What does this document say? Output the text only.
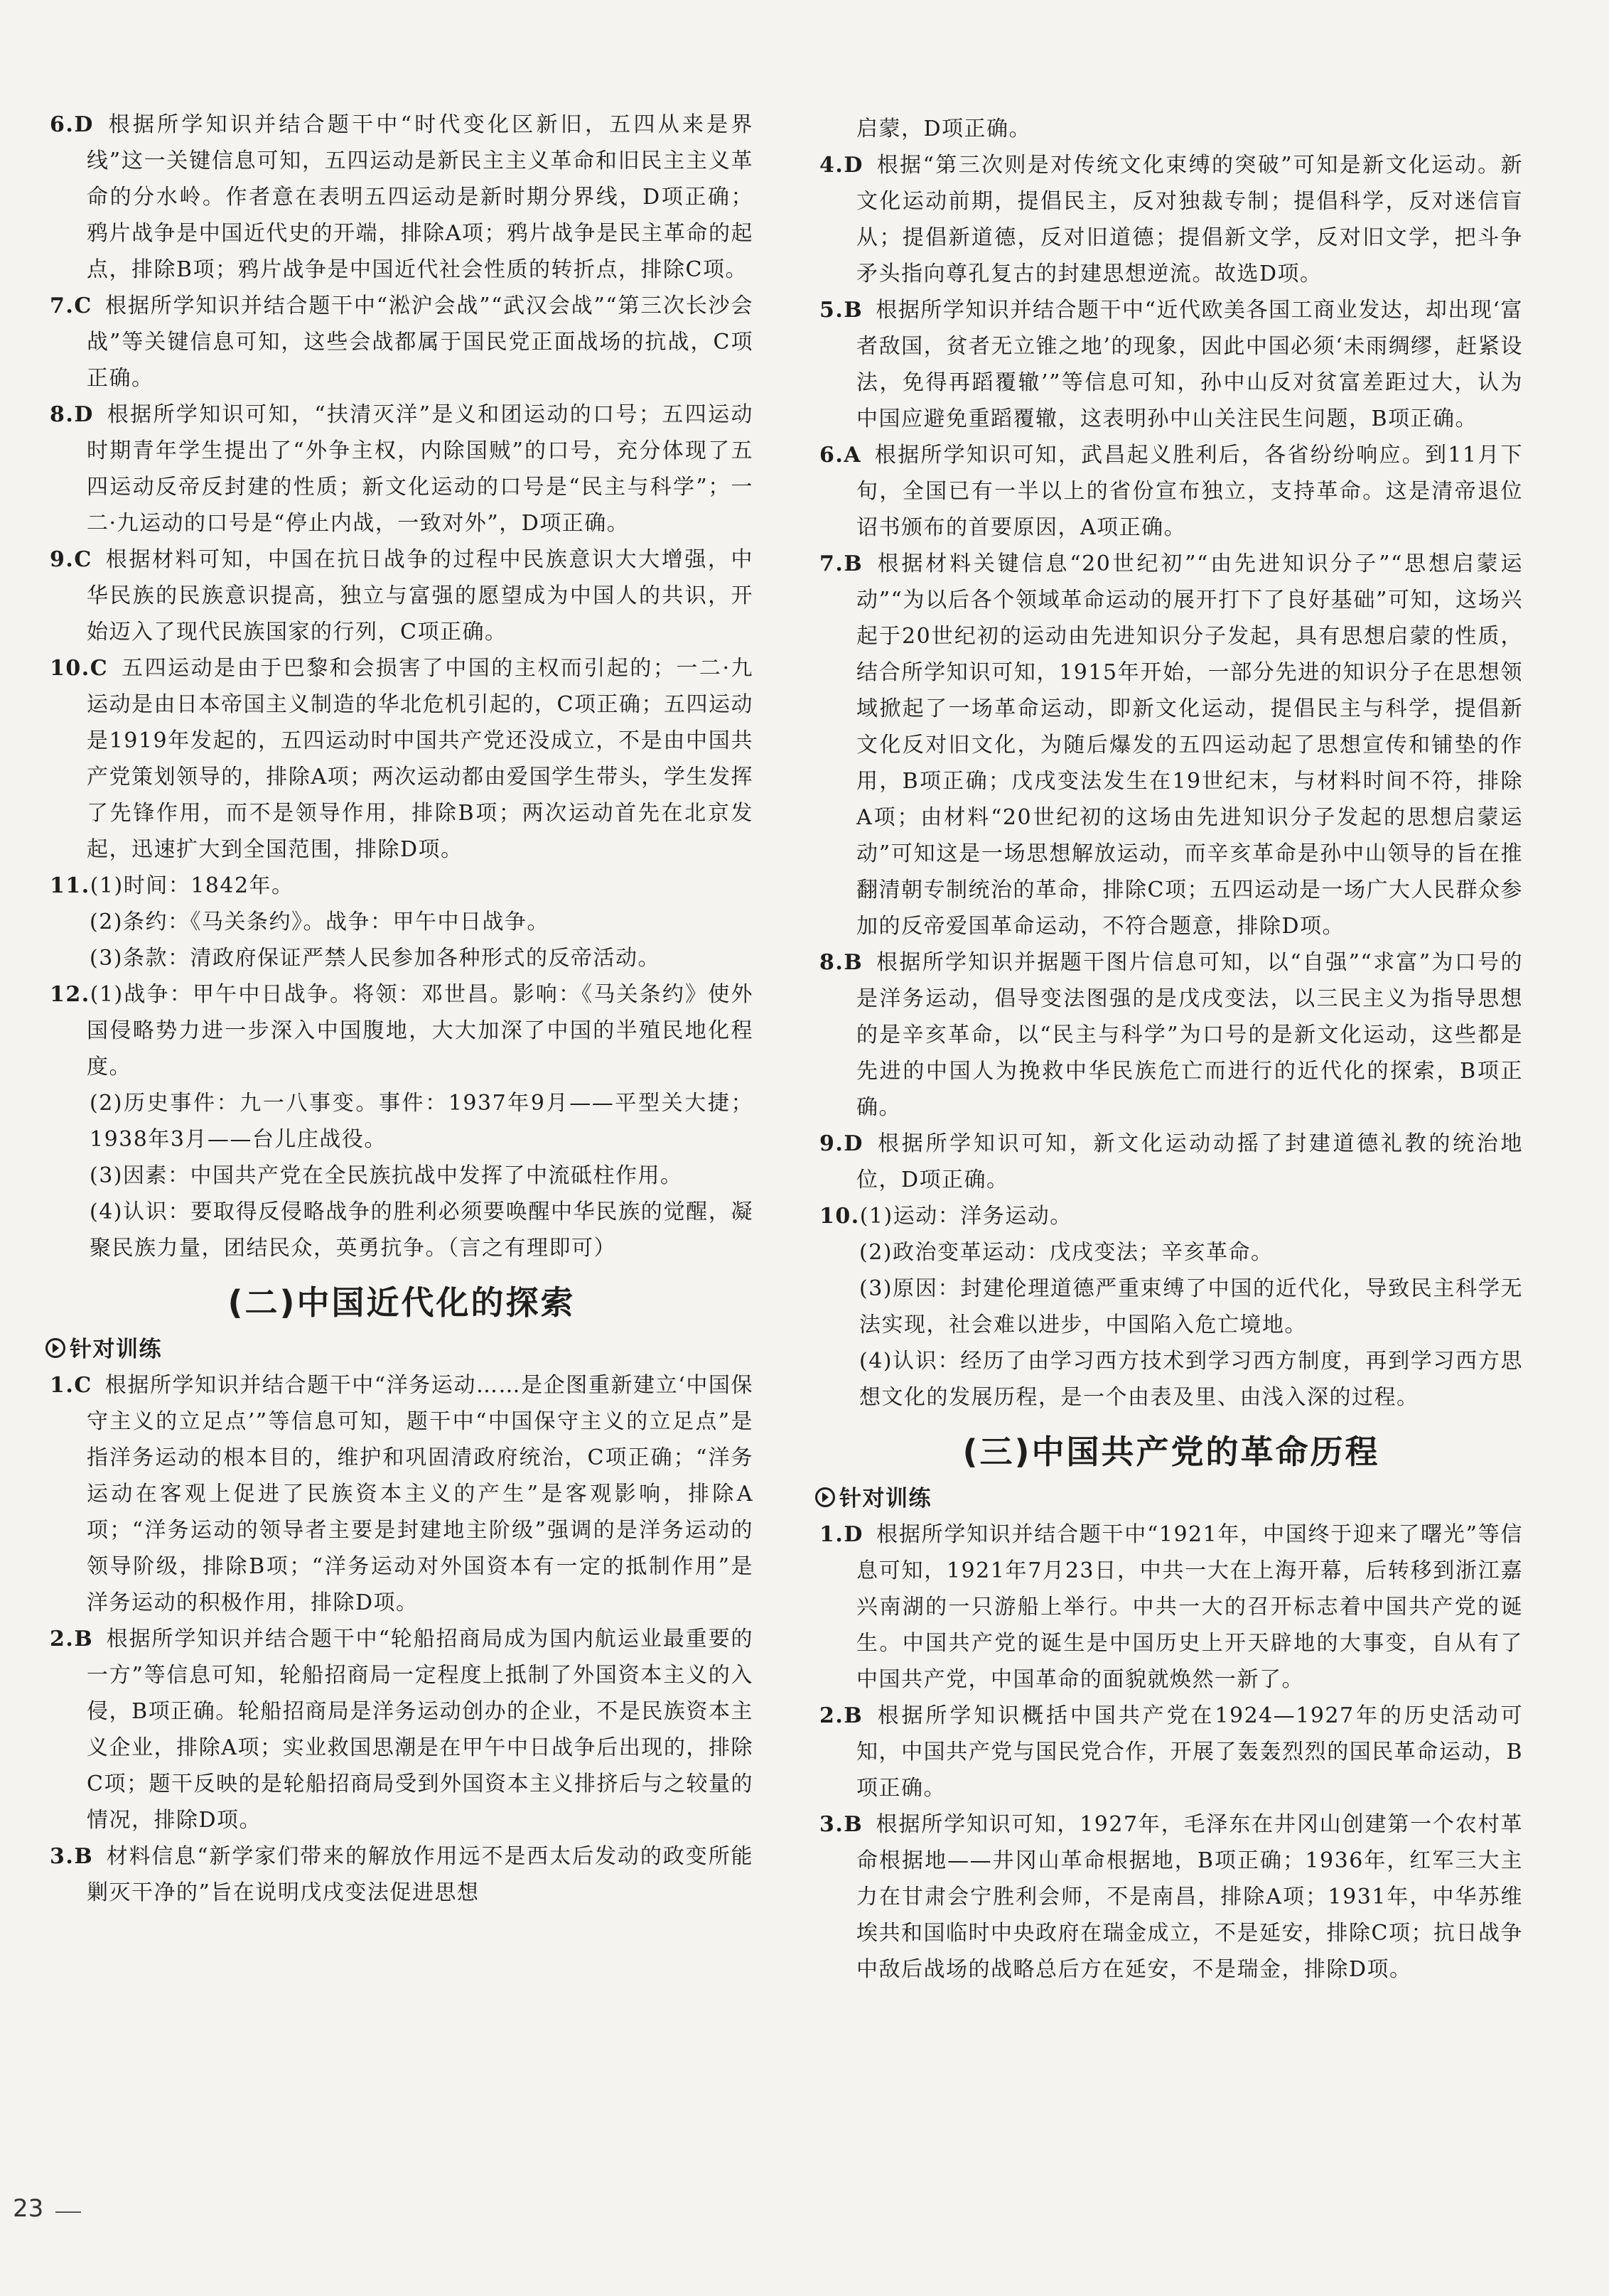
6.D 根据所学知识并结合题干中“时代变化区新旧，五四从来是界线”这一关键信息可知，五四运动是新民主主义革命和旧民主主义革命的分水岭。作者意在表明五四运动是新时期分界线，D项正确；鸦片战争是中国近代史的开端，排除A项；鸦片战争是民主革命的起点，排除B项；鸦片战争是中国近代社会性质的转折点，排除C项。
7.C 根据所学知识并结合题干中“淞沪会战”“武汉会战”“第三次长沙会战”等关键信息可知，这些会战都属于国民党正面战场的抗战，C项正确。
8.D 根据所学知识可知，“扶清灭洋”是义和团运动的口号；五四运动时期青年学生提出了“外争主权，内除国贼”的口号，充分体现了五四运动反帝反封建的性质；新文化运动的口号是“民主与科学”；一二·九运动的口号是“停止内战，一致对外”，D项正确。
9.C 根据材料可知，中国在抗日战争的过程中民族意识大大增强，中华民族的民族意识提高，独立与富强的愿望成为中国人的共识，开始迈入了现代民族国家的行列，C项正确。
10.C 五四运动是由于巴黎和会损害了中国的主权而引起的；一二·九运动是由日本帝国主义制造的华北危机引起的，C项正确；五四运动是1919年发起的，五四运动时中国共产党还没成立，不是由中国共产党策划领导的，排除A项；两次运动都由爱国学生带头，学生发挥了先锋作用，而不是领导作用，排除B项；两次运动首先在北京发起，迅速扩大到全国范围，排除D项。
11.(1)时间：1842年。
(2)条约：《马关条约》。战争：甲午中日战争。
(3)条款：清政府保证严禁人民参加各种形式的反帝活动。
12.(1)战争：甲午中日战争。将领：邓世昌。影响：《马关条约》使外国侵略势力进一步深入中国腹地，大大加深了中国的半殖民地化程度。
(2)历史事件：九一八事变。事件：1937年9月——平型关大捷；1938年3月——台儿庄战役。
(3)因素：中国共产党在全民族抗战中发挥了中流砥柱作用。
(4)认识：要取得反侵略战争的胜利必须要唤醒中华民族的觉醒，凝聚民族力量，团结民众，英勇抗争。（言之有理即可）
(二)中国近代化的探索
针对训练
1.C 根据所学知识并结合题干中“洋务运动……是企图重新建立‘中国保守主义的立足点’”等信息可知，题干中“中国保守主义的立足点”是指洋务运动的根本目的，维护和巩固清政府统治，C项正确；“洋务运动在客观上促进了民族资本主义的产生”是客观影响，排除A项；“洋务运动的领导者主要是封建地主阶级”强调的是洋务运动的领导阶级，排除B项；“洋务运动对外国资本有一定的抵制作用”是洋务运动的积极作用，排除D项。
2.B 根据所学知识并结合题干中“轮船招商局成为国内航运业最重要的一方”等信息可知，轮船招商局一定程度上抵制了外国资本主义的入侵，B项正确。轮船招商局是洋务运动创办的企业，不是民族资本主义企业，排除A项；实业救国思潮是在甲午中日战争后出现的，排除C项；题干反映的是轮船招商局受到外国资本主义排挤后与之较量的情况，排除D项。
3.B 材料信息“新学家们带来的解放作用远不是西太后发动的政变所能剿灭干净的”旨在说明戊戌变法促进思想
启蒙，D项正确。
4.D 根据“第三次则是对传统文化束缚的突破”可知是新文化运动。新文化运动前期，提倡民主，反对独裁专制；提倡科学，反对迷信盲从；提倡新道德，反对旧道德；提倡新文学，反对旧文学，把斗争矛头指向尊孔复古的封建思想逆流。故选D项。
5.B 根据所学知识并结合题干中“近代欧美各国工商业发达，却出现‘富者敌国，贫者无立锥之地’的现象，因此中国必须‘未雨绸缪，赶紧设法，免得再蹈覆辙’”等信息可知，孙中山反对贫富差距过大，认为中国应避免重蹈覆辙，这表明孙中山关注民生问题，B项正确。
6.A 根据所学知识可知，武昌起义胜利后，各省纷纷响应。到11月下旬，全国已有一半以上的省份宣布独立，支持革命。这是清帝退位诏书颁布的首要原因，A项正确。
7.B 根据材料关键信息“20世纪初”“由先进知识分子”“思想启蒙运动”“为以后各个领域革命运动的展开打下了良好基础”可知，这场兴起于20世纪初的运动由先进知识分子发起，具有思想启蒙的性质，结合所学知识可知，1915年开始，一部分先进的知识分子在思想领域掀起了一场革命运动，即新文化运动，提倡民主与科学，提倡新文化反对旧文化，为随后爆发的五四运动起了思想宣传和铺垫的作用，B项正确；戊戌变法发生在19世纪末，与材料时间不符，排除A项；由材料“20世纪初的这场由先进知识分子发起的思想启蒙运动”可知这是一场思想解放运动，而辛亥革命是孙中山领导的旨在推翻清朝专制统治的革命，排除C项；五四运动是一场广大人民群众参加的反帝爱国革命运动，不符合题意，排除D项。
8.B 根据所学知识并据题干图片信息可知，以“自强”“求富”为口号的是洋务运动，倡导变法图强的是戊戌变法，以三民主义为指导思想的是辛亥革命，以“民主与科学”为口号的是新文化运动，这些都是先进的中国人为挽救中华民族危亡而进行的近代化的探索，B项正确。
9.D 根据所学知识可知，新文化运动动摇了封建道德礼教的统治地位，D项正确。
10.(1)运动：洋务运动。
(2)政治变革运动：戊戌变法；辛亥革命。
(3)原因：封建伦理道德严重束缚了中国的近代化，导致民主科学无法实现，社会难以进步，中国陷入危亡境地。
(4)认识：经历了由学习西方技术到学习西方制度，再到学习西方思想文化的发展历程，是一个由表及里、由浅入深的过程。
(三)中国共产党的革命历程
针对训练
1.D 根据所学知识并结合题干中“1921年，中国终于迎来了曙光”等信息可知，1921年7月23日，中共一大在上海开幕，后转移到浙江嘉兴南湖的一只游船上举行。中共一大的召开标志着中国共产党的诞生。中国共产党的诞生是中国历史上开天辟地的大事变，自从有了中国共产党，中国革命的面貌就焕然一新了。
2.B 根据所学知识概括中国共产党在1924—1927年的历史活动可知，中国共产党与国民党合作，开展了轰轰烈烈的国民革命运动，B项正确。
3.B 根据所学知识可知，1927年，毛泽东在井冈山创建第一个农村革命根据地——井冈山革命根据地，B项正确；1936年，红军三大主力在甘肃会宁胜利会师，不是南昌，排除A项；1931年，中华苏维埃共和国临时中央政府在瑞金成立，不是延安，排除C项；抗日战争中敌后战场的战略总后方在延安，不是瑞金，排除D项。
23
